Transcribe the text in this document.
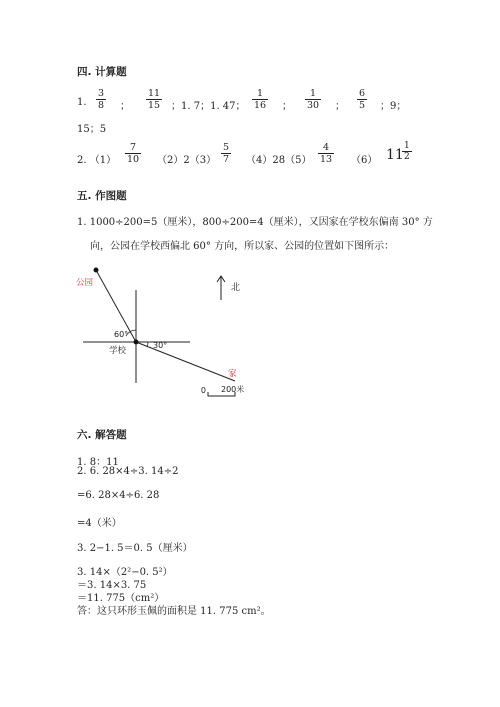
四. 计算题
1.
3
8 ；
11
15 ；1. 7；1. 47；
1
16 ；
1
30 ；
6
5 ；9；
15；5
2. （1）
7
10 （2）2（3）
5
7 （4）28（5）
4
13 （6） 11
1
2
五. 作图题
1. 1000÷200=5（厘米），800÷200=4（厘米），又因家在学校东偏南 30° 方
向，公园在学校西偏北 60° 方向，所以家、公园的位置如下图所示：
北
公园
60°
30°
学校
家
0 200米
六. 解答题
1. 8：11
2. 6. 28×4÷3. 14÷2
=6. 28×4÷6. 28
=4（米）
3. 2−1. 5＝0. 5（厘米）
3. 14×（2²−0. 5²）
＝3. 14×3. 75
＝11. 775（cm²）
答：这只环形玉佩的面积是 11. 775 cm²。
